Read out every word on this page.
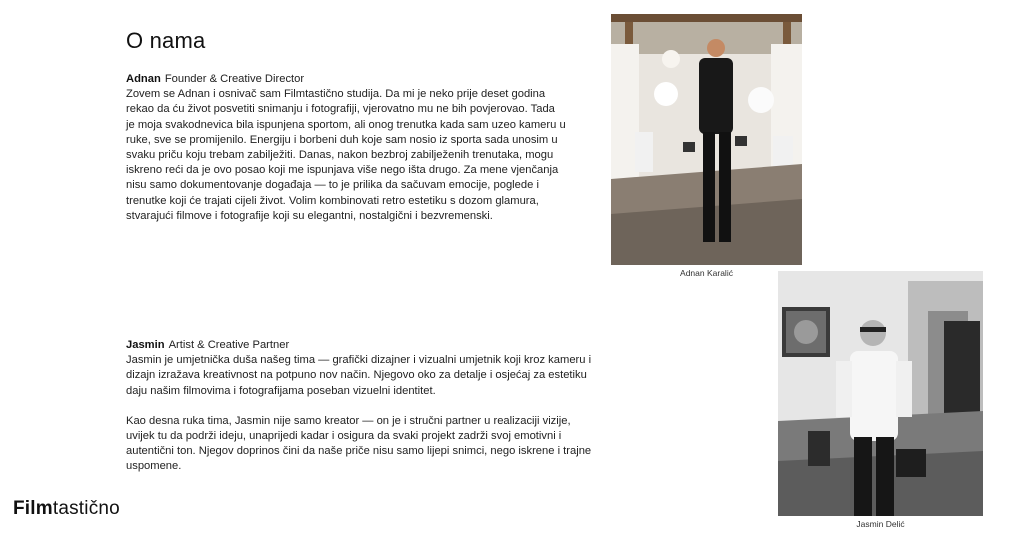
O nama
Adnan Founder & Creative Director

Zovem se Adnan i osnivač sam Filmtastično studija. Da mi je neko prije deset godina rekao da ću život posvetiti snimanju i fotografiji, vjerovatno mu ne bih povjerovao. Tada je moja svakodnevica bila ispunjena sportom, ali onog trenutka kada sam uzeo kameru u ruke, sve se promijenilo. Energiju i borbeni duh koje sam nosio iz sporta sada unosim u svaku priču koju trebam zabilježiti. Danas, nakon bezbroj zabilježenih trenutaka, mogu iskreno reći da je ovo posao koji me ispunjava više nego išta drugo. Za mene vjenčanja nisu samo dokumentovanje događaja — to je prilika da sačuvam emocije, poglede i trenutke koji će trajati cijeli život. Volim kombinovati retro estetiku s dozom glamura, stvarajući filmove i fotografije koji su elegantni, nostalgični i bezvremenski.

Adnan Karalić
Jasmin Artist & Creative Partner

Jasmin je umjetnička duša našeg tima — grafički dizajner i vizualni umjetnik koji kroz kameru i dizajn izražava kreativnost na potpuno nov način. Njegovo oko za detalje i osjećaj za estetiku daju našim filmovima i fotografijama poseban vizuelni identitet.

Kao desna ruka tima, Jasmin nije samo kreator — on je i stručni partner u realizaciji vizije, uvijek tu da podrži ideju, unaprijedi kadar i osigura da svaki projekt zadrži svoj emotivni i autentični ton. Njegov doprinos čini da naše priče nisu samo lijepi snimci, nego iskrene i trajne uspomene.

Jasmin Delić
Filmtastično
